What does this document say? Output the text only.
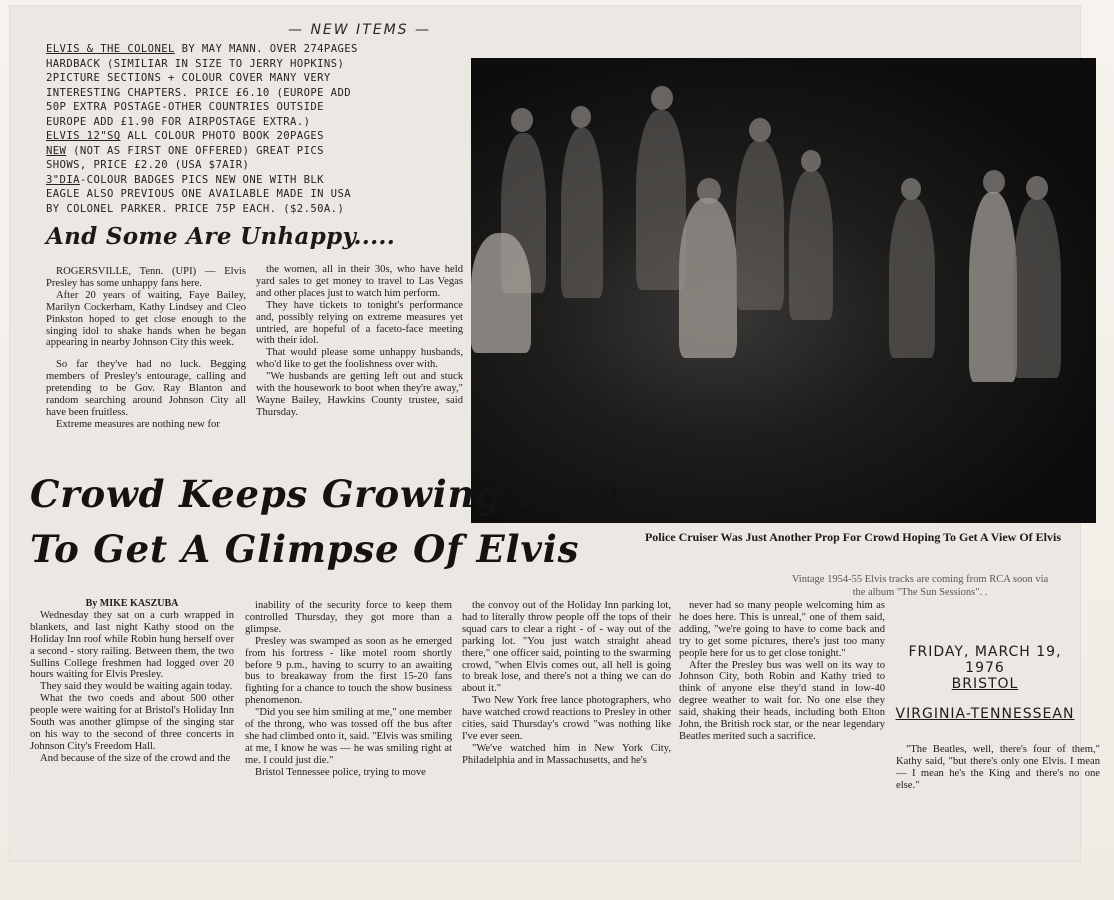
— NEW ITEMS —
ELVIS & THE COLONEL BY MAY MANN. OVER 274PAGES
HARDBACK (SIMILIAR IN SIZE TO JERRY HOPKINS)
2PICTURE SECTIONS + COLOUR COVER MANY VERY
INTERESTING CHAPTERS. PRICE £6.10 (EUROPE ADD
50P EXTRA POSTAGE-OTHER COUNTRIES OUTSIDE
EUROPE ADD £1.90 FOR AIRPOSTAGE EXTRA.)
ELVIS 12"SQ ALL COLOUR PHOTO BOOK 20PAGES
NEW (NOT AS FIRST ONE OFFERED) GREAT PICS
SHOWS, PRICE £2.20 (USA $7AIR)
3"DIA-COLOUR BADGES PICS NEW ONE WITH BLK
EAGLE ALSO PREVIOUS ONE AVAILABLE MADE IN USA
BY COLONEL PARKER. PRICE 75P EACH. ($2.50A.)
And Some Are Unhappy.....

ROGERSVILLE, Tenn. (UPI) — Elvis Presley has some unhappy fans here.

After 20 years of waiting, Faye Bailey, Marilyn Cockerham, Kathy Lindsey and Cleo Pinkston hoped to get close enough to the singing idol to shake hands when he began appearing in nearby Johnson City this week.

So far they've had no luck. Begging members of Presley's entourage, calling and pretending to be Gov. Ray Blanton and random searching around Johnson City all have been fruitless.

Extreme measures are nothing new for

the women, all in their 30s, who have held yard sales to get money to travel to Las Vegas and other places just to watch him perform.

They have tickets to tonight's performance and, possibly relying on extreme measures yet untried, are hopeful of a faceto-face meeting with their idol.

That would please some unhappy husbands, who'd like to get the foolishness over with.

"We husbands are getting left out and stuck with the housework to boot when they're away," Wayne Bailey, Hawkins County trustee, said Thursday.

Police Cruiser Was Just Another Prop For Crowd Hoping To Get A View Of Elvis
Vintage 1954-55 Elvis tracks are coming from RCA soon via the album "The Sun Sessions". .
Crowd Keeps Growing Here
To Get A Glimpse Of Elvis

By MIKE KASZUBA

Wednesday they sat on a curb wrapped in blankets, and last night Kathy stood on the Holiday Inn roof while Robin hung herself over a second - story railing. Between them, the two Sullins College freshmen had logged over 20 hours waiting for Elvis Presley.

They said they would be waiting again today.

What the two coeds and about 500 other people were waiting for at Bristol's Holiday Inn South was another glimpse of the singing star on his way to the second of three concerts in Johnson City's Freedom Hall.

And because of the size of the crowd and the

inability of the security force to keep them controlled Thursday, they got more than a glimpse.

Presley was swamped as soon as he emerged from his fortress - like motel room shortly before 9 p.m., having to scurry to an awaiting bus to breakaway from the first 15-20 fans fighting for a chance to touch the show business phenomenon.

"Did you see him smiling at me," one member of the throng, who was tossed off the bus after she had climbed onto it, said. "Elvis was smiling at me, I know he was — he was smiling right at me. I could just die."

Bristol Tennessee police, trying to move

the convoy out of the Holiday Inn parking lot, had to literally throw people off the tops of their squad cars to clear a right - of - way out of the parking lot. "You just watch straight ahead there," one officer said, pointing to the swarming crowd, "when Elvis comes out, all hell is going to break lose, and there's not a thing we can do about it."

Two New York free lance photographers, who have watched crowd reactions to Presley in other cities, said Thursday's crowd "was nothing like I've ever seen.

"We've watched him in New York City, Philadelphia and in Massachusetts, and he's

never had so many people welcoming him as he does here. This is unreal," one of them said, adding, "we're going to have to come back and try to get some pictures, there's just too many people here for us to get close tonight."

After the Presley bus was well on its way to Johnson City, both Robin and Kathy tried to think of anyone else they'd stand in low-40 degree weather to wait for. No one else they said, shaking their heads, including both Elton John, the British rock star, or the near legendary Beatles merited such a sacrifice.

FRIDAY, MARCH 19, 1976
BRISTOL
VIRGINIA-TENNESSEAN
"The Beatles, well, there's four of them," Kathy said, "but there's only one Elvis. I mean — I mean he's the King and there's no one else."
